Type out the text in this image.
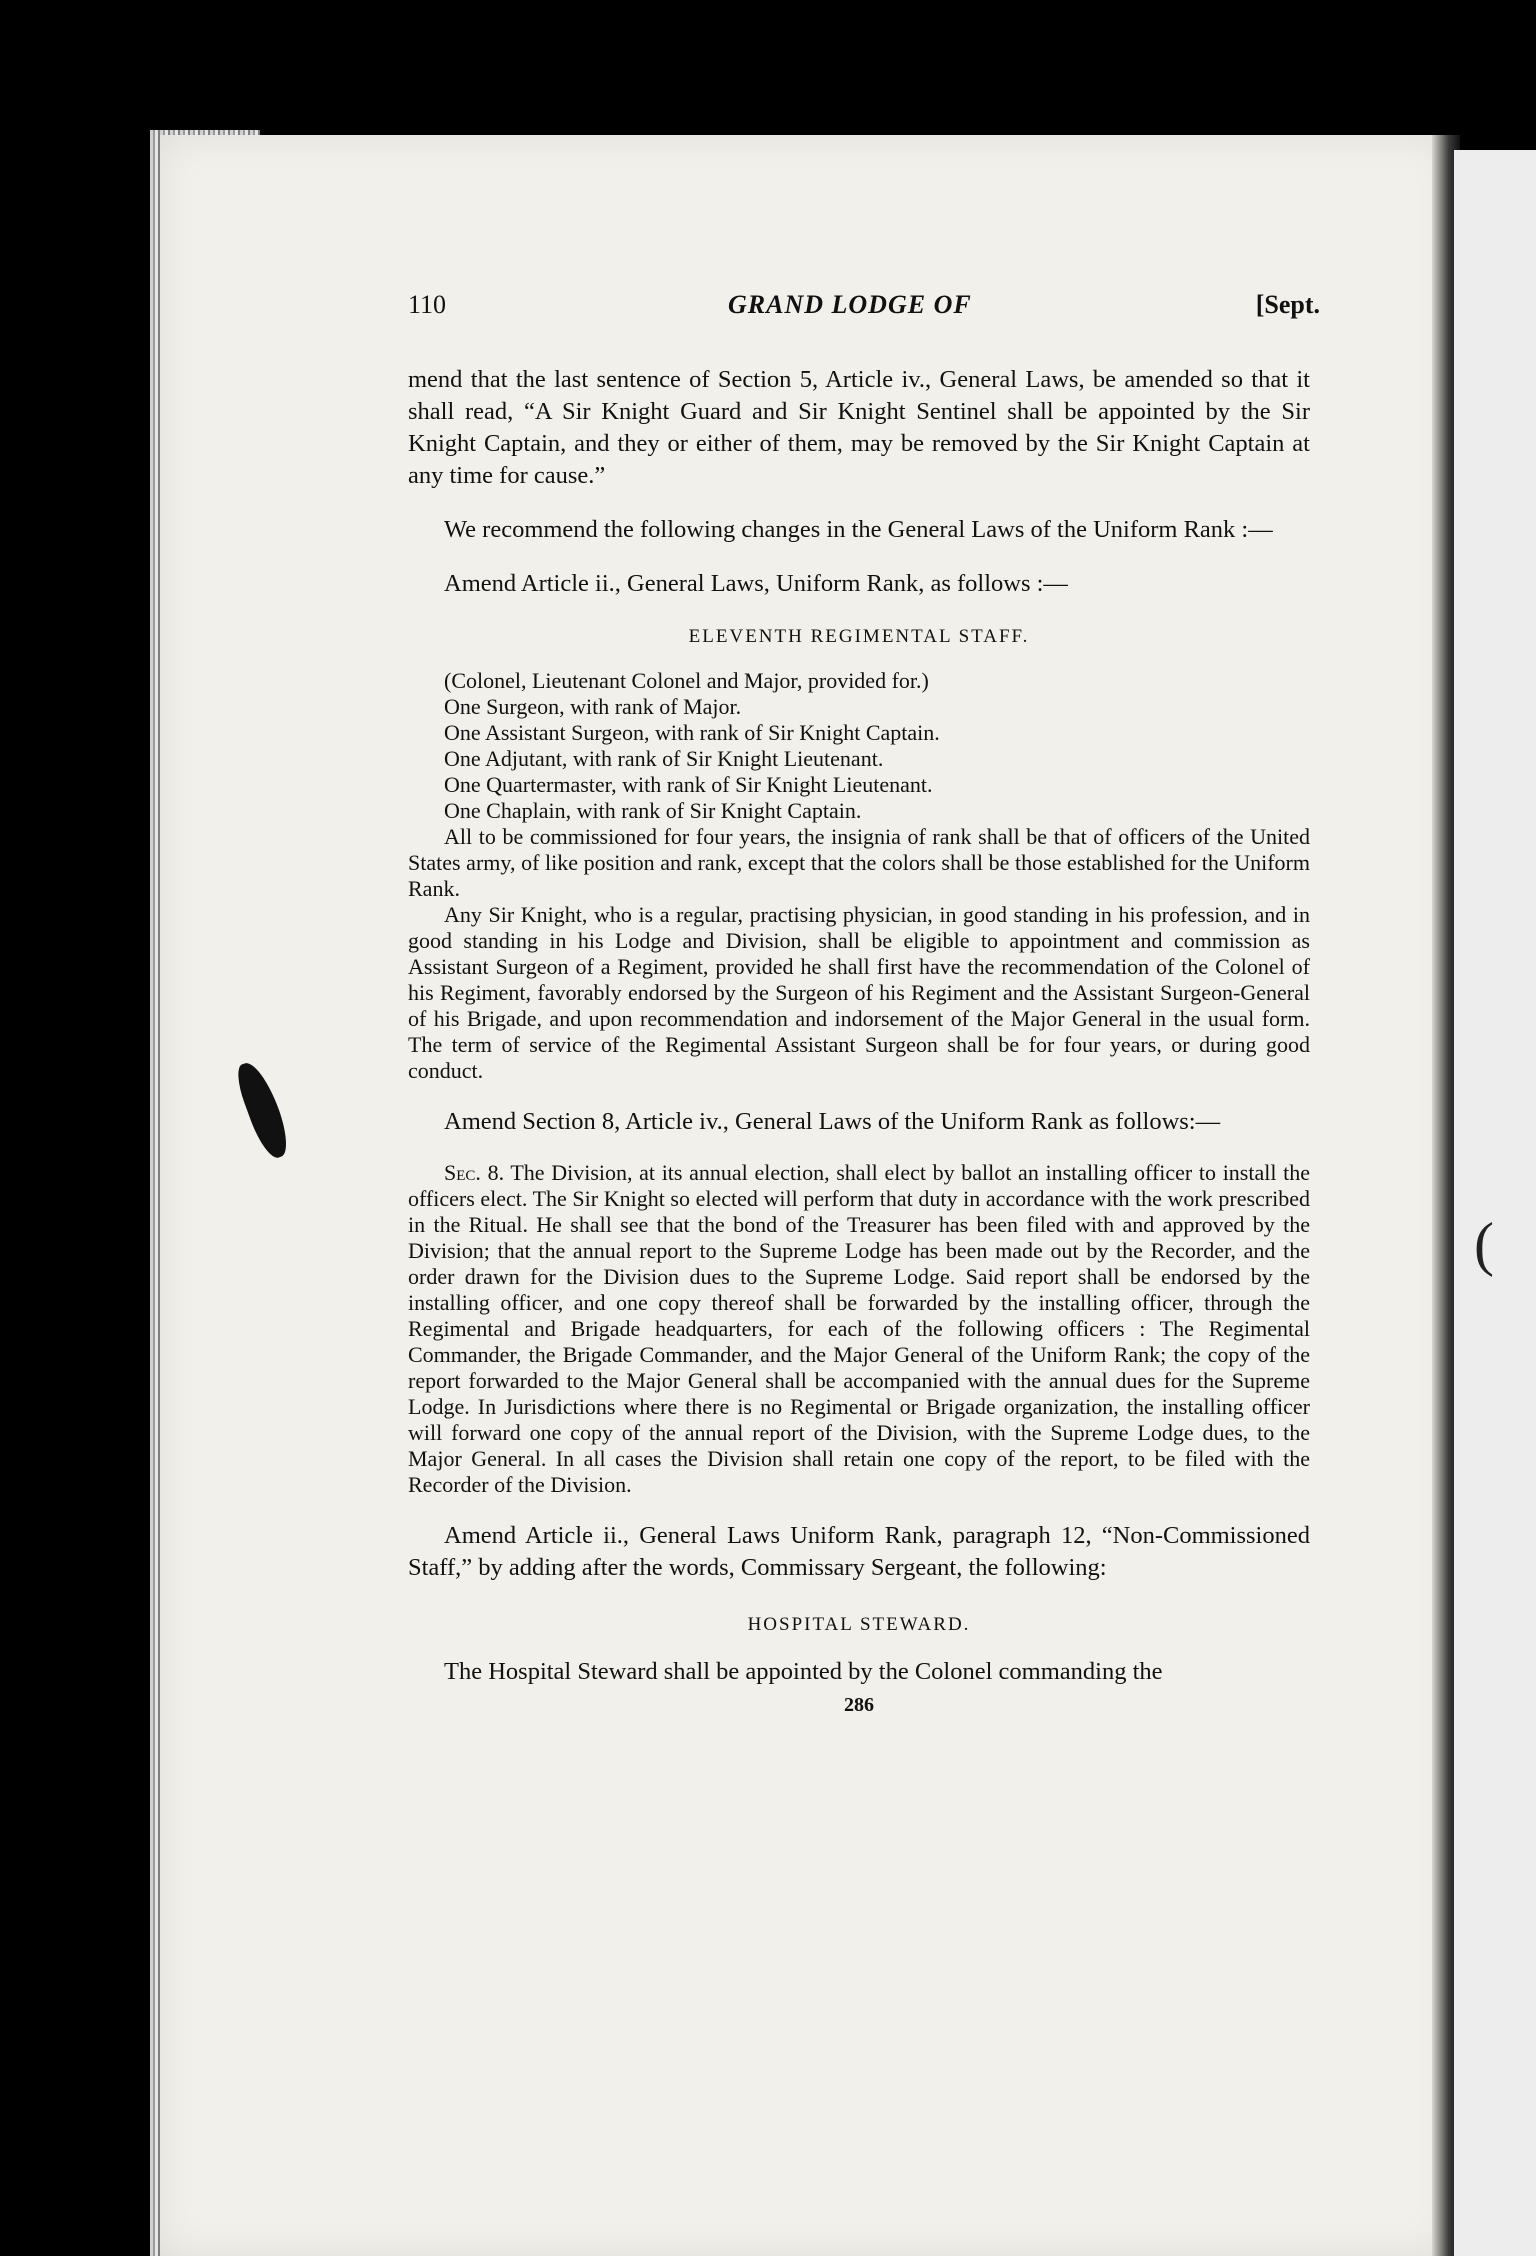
(
110	GRAND LODGE OF	[Sept.

mend that the last sentence of Section 5, Article iv., General Laws, be amended so that it shall read, “A Sir Knight Guard and Sir Knight Sentinel shall be appointed by the Sir Knight Captain, and they or either of them, may be removed by the Sir Knight Captain at any time for cause.”

We recommend the following changes in the General Laws of the Uniform Rank :—

Amend Article ii., General Laws, Uniform Rank, as follows :—

ELEVENTH REGIMENTAL STAFF.
(Colonel, Lieutenant Colonel and Major, provided for.)
One Surgeon, with rank of Major.
One Assistant Surgeon, with rank of Sir Knight Captain.
One Adjutant, with rank of Sir Knight Lieutenant.
One Quartermaster, with rank of Sir Knight Lieutenant.
One Chaplain, with rank of Sir Knight Captain.

All to be commissioned for four years, the insignia of rank shall be that of officers of the United States army, of like position and rank, except that the colors shall be those established for the Uniform Rank.

Any Sir Knight, who is a regular, practising physician, in good standing in his profession, and in good standing in his Lodge and Division, shall be eligible to appointment and commission as Assistant Surgeon of a Regiment, provided he shall first have the recommendation of the Colonel of his Regiment, favorably endorsed by the Surgeon of his Regiment and the Assistant Surgeon-General of his Brigade, and upon recommendation and indorsement of the Major General in the usual form. The term of service of the Regimental Assistant Surgeon shall be for four years, or during good conduct.

Amend Section 8, Article iv., General Laws of the Uniform Rank as follows:—

Sec. 8. The Division, at its annual election, shall elect by ballot an installing officer to install the officers elect. The Sir Knight so elected will perform that duty in accordance with the work prescribed in the Ritual. He shall see that the bond of the Treasurer has been filed with and approved by the Division; that the annual report to the Supreme Lodge has been made out by the Recorder, and the order drawn for the Division dues to the Supreme Lodge. Said report shall be endorsed by the installing officer, and one copy thereof shall be forwarded by the installing officer, through the Regimental and Brigade headquarters, for each of the following officers : The Regimental Commander, the Brigade Commander, and the Major General of the Uniform Rank; the copy of the report forwarded to the Major General shall be accompanied with the annual dues for the Supreme Lodge. In Jurisdictions where there is no Regimental or Brigade organization, the installing officer will forward one copy of the annual report of the Division, with the Supreme Lodge dues, to the Major General. In all cases the Division shall retain one copy of the report, to be filed with the Recorder of the Division.

Amend Article ii., General Laws Uniform Rank, paragraph 12, “Non-Commissioned Staff,” by adding after the words, Commissary Sergeant, the following:

HOSPITAL STEWARD.

The Hospital Steward shall be appointed by the Colonel commanding the

286
